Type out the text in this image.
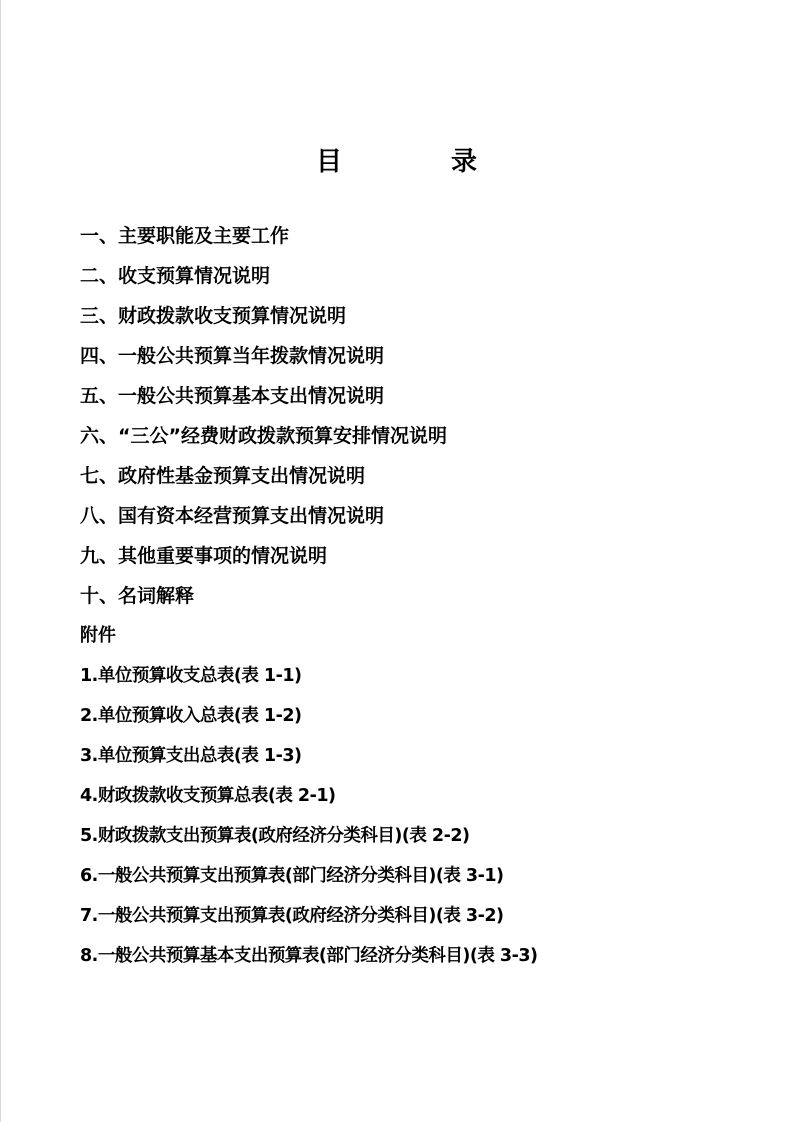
目 录
一、主要职能及主要工作
二、收支预算情况说明
三、财政拨款收支预算情况说明
四、一般公共预算当年拨款情况说明
五、一般公共预算基本支出情况说明
六、“三公”经费财政拨款预算安排情况说明
七、政府性基金预算支出情况说明
八、国有资本经营预算支出情况说明
九、其他重要事项的情况说明
十、名词解释
附件
1.单位预算收支总表(表 1-1)
2.单位预算收入总表(表 1-2)
3.单位预算支出总表(表 1-3)
4.财政拨款收支预算总表(表 2-1)
5.财政拨款支出预算表(政府经济分类科目)(表 2-2)
6.一般公共预算支出预算表(部门经济分类科目)(表 3-1)
7.一般公共预算支出预算表(政府经济分类科目)(表 3-2)
8.一般公共预算基本支出预算表(部门经济分类科目)(表 3-3)
